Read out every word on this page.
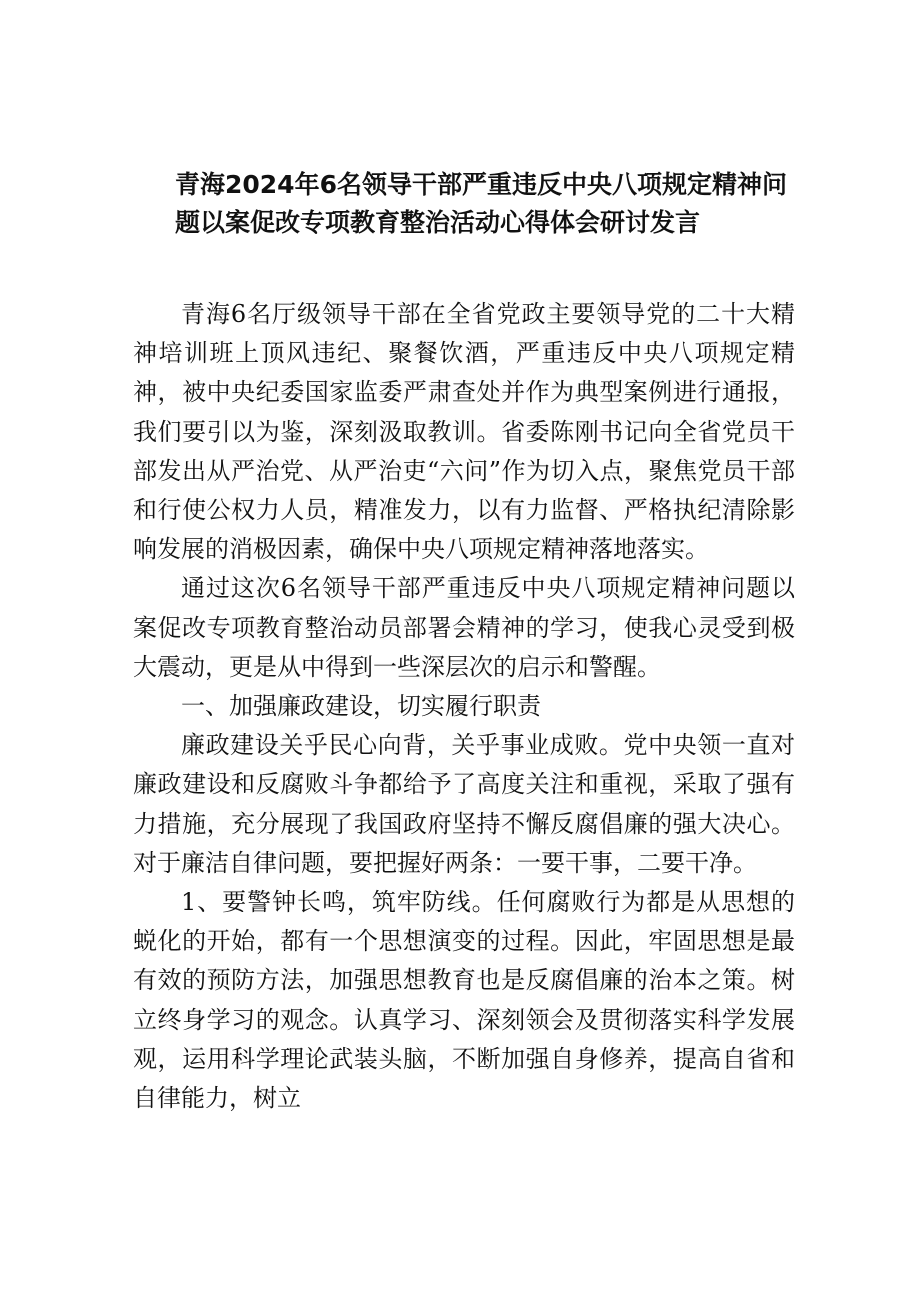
青海2024年6名领导干部严重违反中央八项规定精神问题以案促改专项教育整治活动心得体会研讨发言

青海6名厅级领导干部在全省党政主要领导党的二十大精神培训班上顶风违纪、聚餐饮酒，严重违反中央八项规定精神，被中央纪委国家监委严肃查处并作为典型案例进行通报，我们要引以为鉴，深刻汲取教训。省委陈刚书记向全省党员干部发出从严治党、从严治吏“六问”作为切入点，聚焦党员干部和行使公权力人员，精准发力，以有力监督、严格执纪清除影响发展的消极因素，确保中央八项规定精神落地落实。

通过这次6名领导干部严重违反中央八项规定精神问题以案促改专项教育整治动员部署会精神的学习，使我心灵受到极大震动，更是从中得到一些深层次的启示和警醒。

一、加强廉政建设，切实履行职责

廉政建设关乎民心向背，关乎事业成败。党中央领一直对廉政建设和反腐败斗争都给予了高度关注和重视，采取了强有力措施，充分展现了我国政府坚持不懈反腐倡廉的强大决心。对于廉洁自律问题，要把握好两条：一要干事，二要干净。

1、要警钟长鸣，筑牢防线。任何腐败行为都是从思想的蜕化的开始，都有一个思想演变的过程。因此，牢固思想是最有效的预防方法，加强思想教育也是反腐倡廉的治本之策。树立终身学习的观念。认真学习、深刻领会及贯彻落实科学发展观，运用科学理论武装头脑，不断加强自身修养，提高自省和自律能力，树立
